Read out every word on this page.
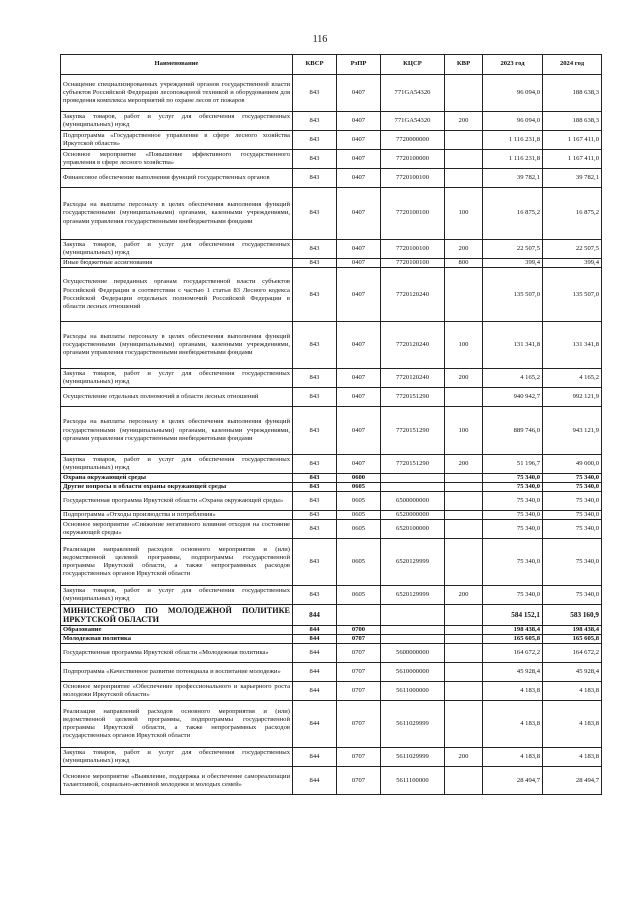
116
Наименование	КВСР	РзПР	КЦСР	КВР	2023 год	2024 год
Оснащение специализированных учреждений органов государственной власти субъектов Российской Федерации лесопожарной техникой и оборудованием для проведения комплекса мероприятий по охране лесов от пожаров	843	0407	771GA54320		96 094,0	188 638,3
Закупка товаров, работ и услуг для обеспечения государственных (муниципальных) нужд	843	0407	771GA54320	200	96 094,0	188 638,3
Подпрограмма «Государственное управление в сфере лесного хозяйства Иркутской области»	843	0407	7720000000		1 116 231,8	1 167 411,0
Основное мероприятие «Повышение эффективного государственного управления в сфере лесного хозяйства»	843	0407	7720100000		1 116 231,8	1 167 411,0
Финансовое обеспечение выполнения функций государственных органов	843	0407	7720100100		39 782,1	39 782,1
Расходы на выплаты персоналу в целях обеспечения выполнения функций государственными (муниципальными) органами, казенными учреждениями, органами управления государственными внебюджетными фондами	843	0407	7720100100	100	16 875,2	16 875,2
Закупка товаров, работ и услуг для обеспечения государственных (муниципальных) нужд	843	0407	7720100100	200	22 507,5	22 507,5
Иные бюджетные ассигнования	843	0407	7720100100	800	399,4	399,4
Осуществление переданных органам государственной власти субъектов Российской Федерации в соответствии с частью 1 статьи 83 Лесного кодекса Российской Федерации отдельных полномочий Российской Федерации в области лесных отношений	843	0407	7720120240		135 507,0	135 507,0
Расходы на выплаты персоналу в целях обеспечения выполнения функций государственными (муниципальными) органами, казенными учреждениями, органами управления государственными внебюджетными фондами	843	0407	7720120240	100	131 341,8	131 341,8
Закупка товаров, работ и услуг для обеспечения государственных (муниципальных) нужд	843	0407	7720120240	200	4 165,2	4 165,2
Осуществление отдельных полномочий в области лесных отношений	843	0407	7720151290		940 942,7	992 121,9
Расходы на выплаты персоналу в целях обеспечения выполнения функций государственными (муниципальными) органами, казенными учреждениями, органами управления государственными внебюджетными фондами	843	0407	7720151290	100	889 746,0	943 121,9
Закупка товаров, работ и услуг для обеспечения государственных (муниципальных) нужд	843	0407	7720151290	200	51 196,7	49 000,0
Охрана окружающей среды	843	0600			75 340,0	75 340,0
Другие вопросы в области охраны окружающей среды	843	0605			75 340,0	75 340,0
Государственная программа Иркутской области «Охрана окружающей среды»	843	0605	6500000000		75 340,0	75 340,0
Подпрограмма «Отходы производства и потребления»	843	0605	6520000000		75 340,0	75 340,0
Основное мероприятие «Снижение негативного влияния отходов на состояние окружающей среды»	843	0605	6520100000		75 340,0	75 340,0
Реализация направлений расходов основного мероприятия и (или) ведомственной целевой программы, подпрограммы государственной программы Иркутской области, а также непрограммных расходов государственных органов Иркутской области	843	0605	6520129999		75 340,0	75 340,0
Закупка товаров, работ и услуг для обеспечения государственных (муниципальных) нужд	843	0605	6520129999	200	75 340,0	75 340,0
МИНИСТЕРСТВО ПО МОЛОДЕЖНОЙ ПОЛИТИКЕ ИРКУТСКОЙ ОБЛАСТИ	844				584 152,1	583 160,9
Образование	844	0700			198 438,4	198 438,4
Молодежная политика	844	0707			165 605,8	165 605,8
Государственная программа Иркутской области «Молодежная политика»	844	0707	5600000000		164 672,2	164 672,2
Подпрограмма «Качественное развитие потенциала и воспитание молодежи»	844	0707	5610000000		45 928,4	45 928,4
Основное мероприятие «Обеспечение профессионального и карьерного роста молодежи Иркутской области»	844	0707	5611000000		4 183,8	4 183,8
Реализация направлений расходов основного мероприятия и (или) ведомственной целевой программы, подпрограммы государственной программы Иркутской области, а также непрограммных расходов государственных органов Иркутской области	844	0707	5611029999		4 183,8	4 183,8
Закупка товаров, работ и услуг для обеспечения государственных (муниципальных) нужд	844	0707	5611029999	200	4 183,8	4 183,8
Основное мероприятие «Выявление, поддержка и обеспечение самореализации талантливой, социально-активной молодежи и молодых семей»	844	0707	5611100000		28 494,7	28 494,7
